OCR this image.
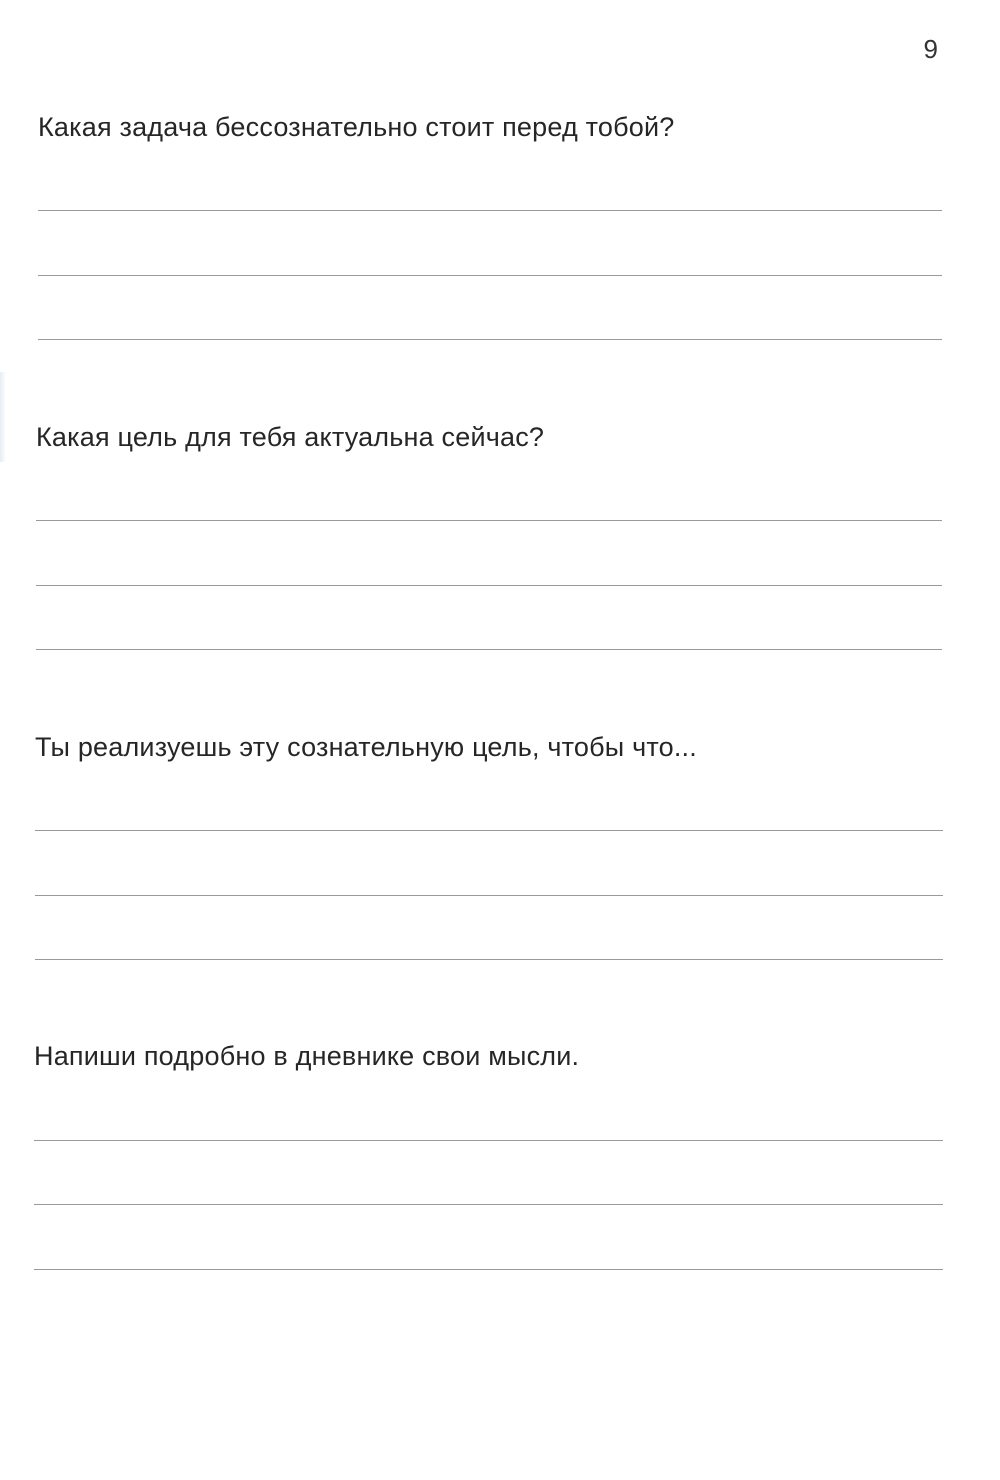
9
Какая задача бессознательно стоит перед тобой?
Какая цель для тебя актуальна сейчас?
Ты реализуешь эту сознательную цель, чтобы что...
Напиши подробно в дневнике свои мысли.
